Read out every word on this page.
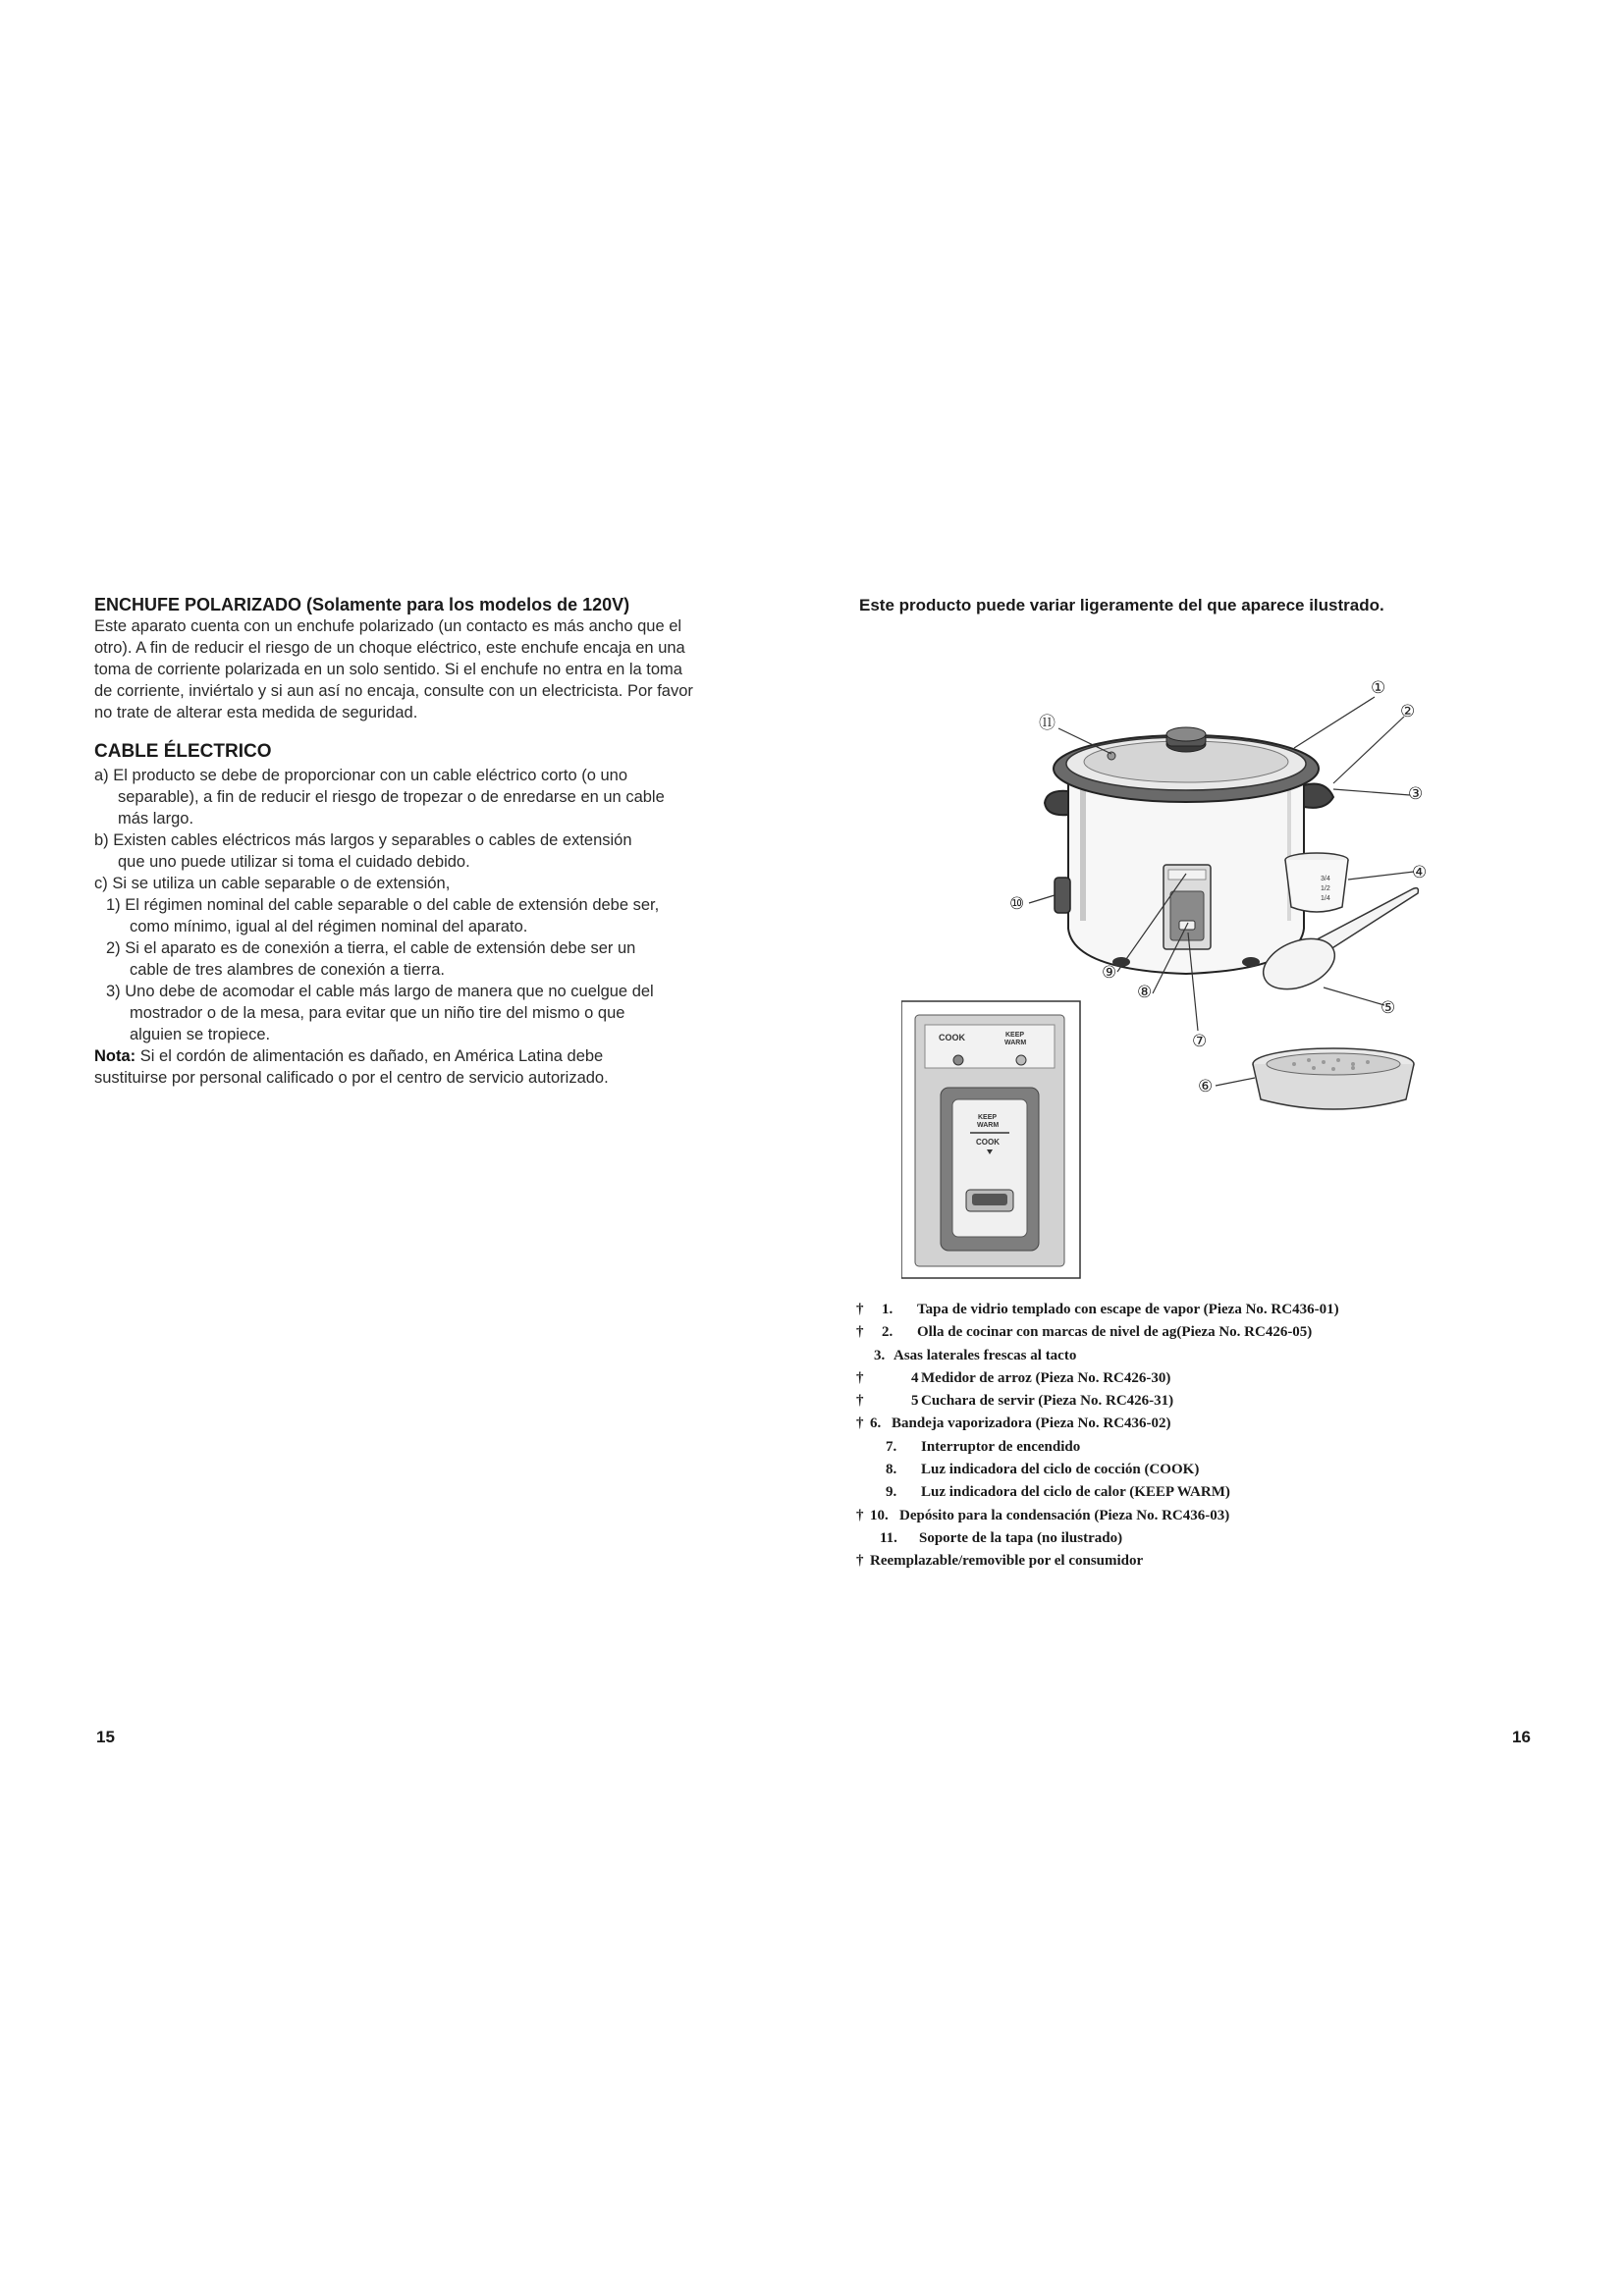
ENCHUFE POLARIZADO (Solamente para los modelos de 120V)

Este aparato cuenta con un enchufe polarizado (un contacto es más ancho que el

otro). A fin de reducir el riesgo de un choque eléctrico, este enchufe encaja en una

toma de corriente polarizada en un solo sentido. Si el enchufe no entra en la toma

de corriente, inviértalo y si aun así no encaja, consulte con un electricista. Por favor

no trate de alterar esta medida de seguridad.

CABLE ÉLECTRICO

a) El producto se debe de proporcionar con un cable eléctrico corto (o uno
separable), a fin de reducir el riesgo de tropezar o de enredarse en un cable
más largo.
b) Existen cables eléctricos más largos y separables o cables de extensión
que uno puede utilizar si toma el cuidado debido.
c) Si se utiliza un cable separable o de extensión,
1) El régimen nominal del cable separable o del cable de extensión debe ser,
como mínimo, igual al del régimen nominal del aparato.
2) Si el aparato es de conexión a tierra, el cable de extensión debe ser un
cable de tres alambres de conexión a tierra.
3) Uno debe de acomodar el cable más largo de manera que no cuelgue del
mostrador o de la mesa, para evitar que un niño tire del mismo o que
alguien se tropiece.

Nota: Si el cordón de alimentación es dañado, en América Latina debe

sustituirse por personal calificado o por el centro de servicio autorizado.

15
Este producto puede variar ligeramente del que aparece ilustrado.
3/4
1/2
1/4
COOK	KEEP
WARM
KEEP
WARM
COOK
①
②
③
④
⑤
⑥
⑦
⑧
⑨
⑩
⑪
† 1. Tapa de vidrio templado con escape de vapor (Pieza No. RC436-01)
† 2. Olla de cocinar con marcas de nivel de ag(Pieza No. RC426-05)
3. Asas laterales frescas al tacto
†	4 Medidor de arroz (Pieza No. RC426-30)
†	5 Cuchara de servir (Pieza No. RC426-31)
† 6. Bandeja vaporizadora (Pieza No. RC436-02)
7. Interruptor de encendido
8. Luz indicadora del ciclo de cocción (COOK)
9. Luz indicadora del ciclo de calor (KEEP WARM)
† 10. Depósito para la condensación (Pieza No. RC436-03)
11. Soporte de la tapa (no ilustrado)
† Reemplazable/removible por el consumidor
16
